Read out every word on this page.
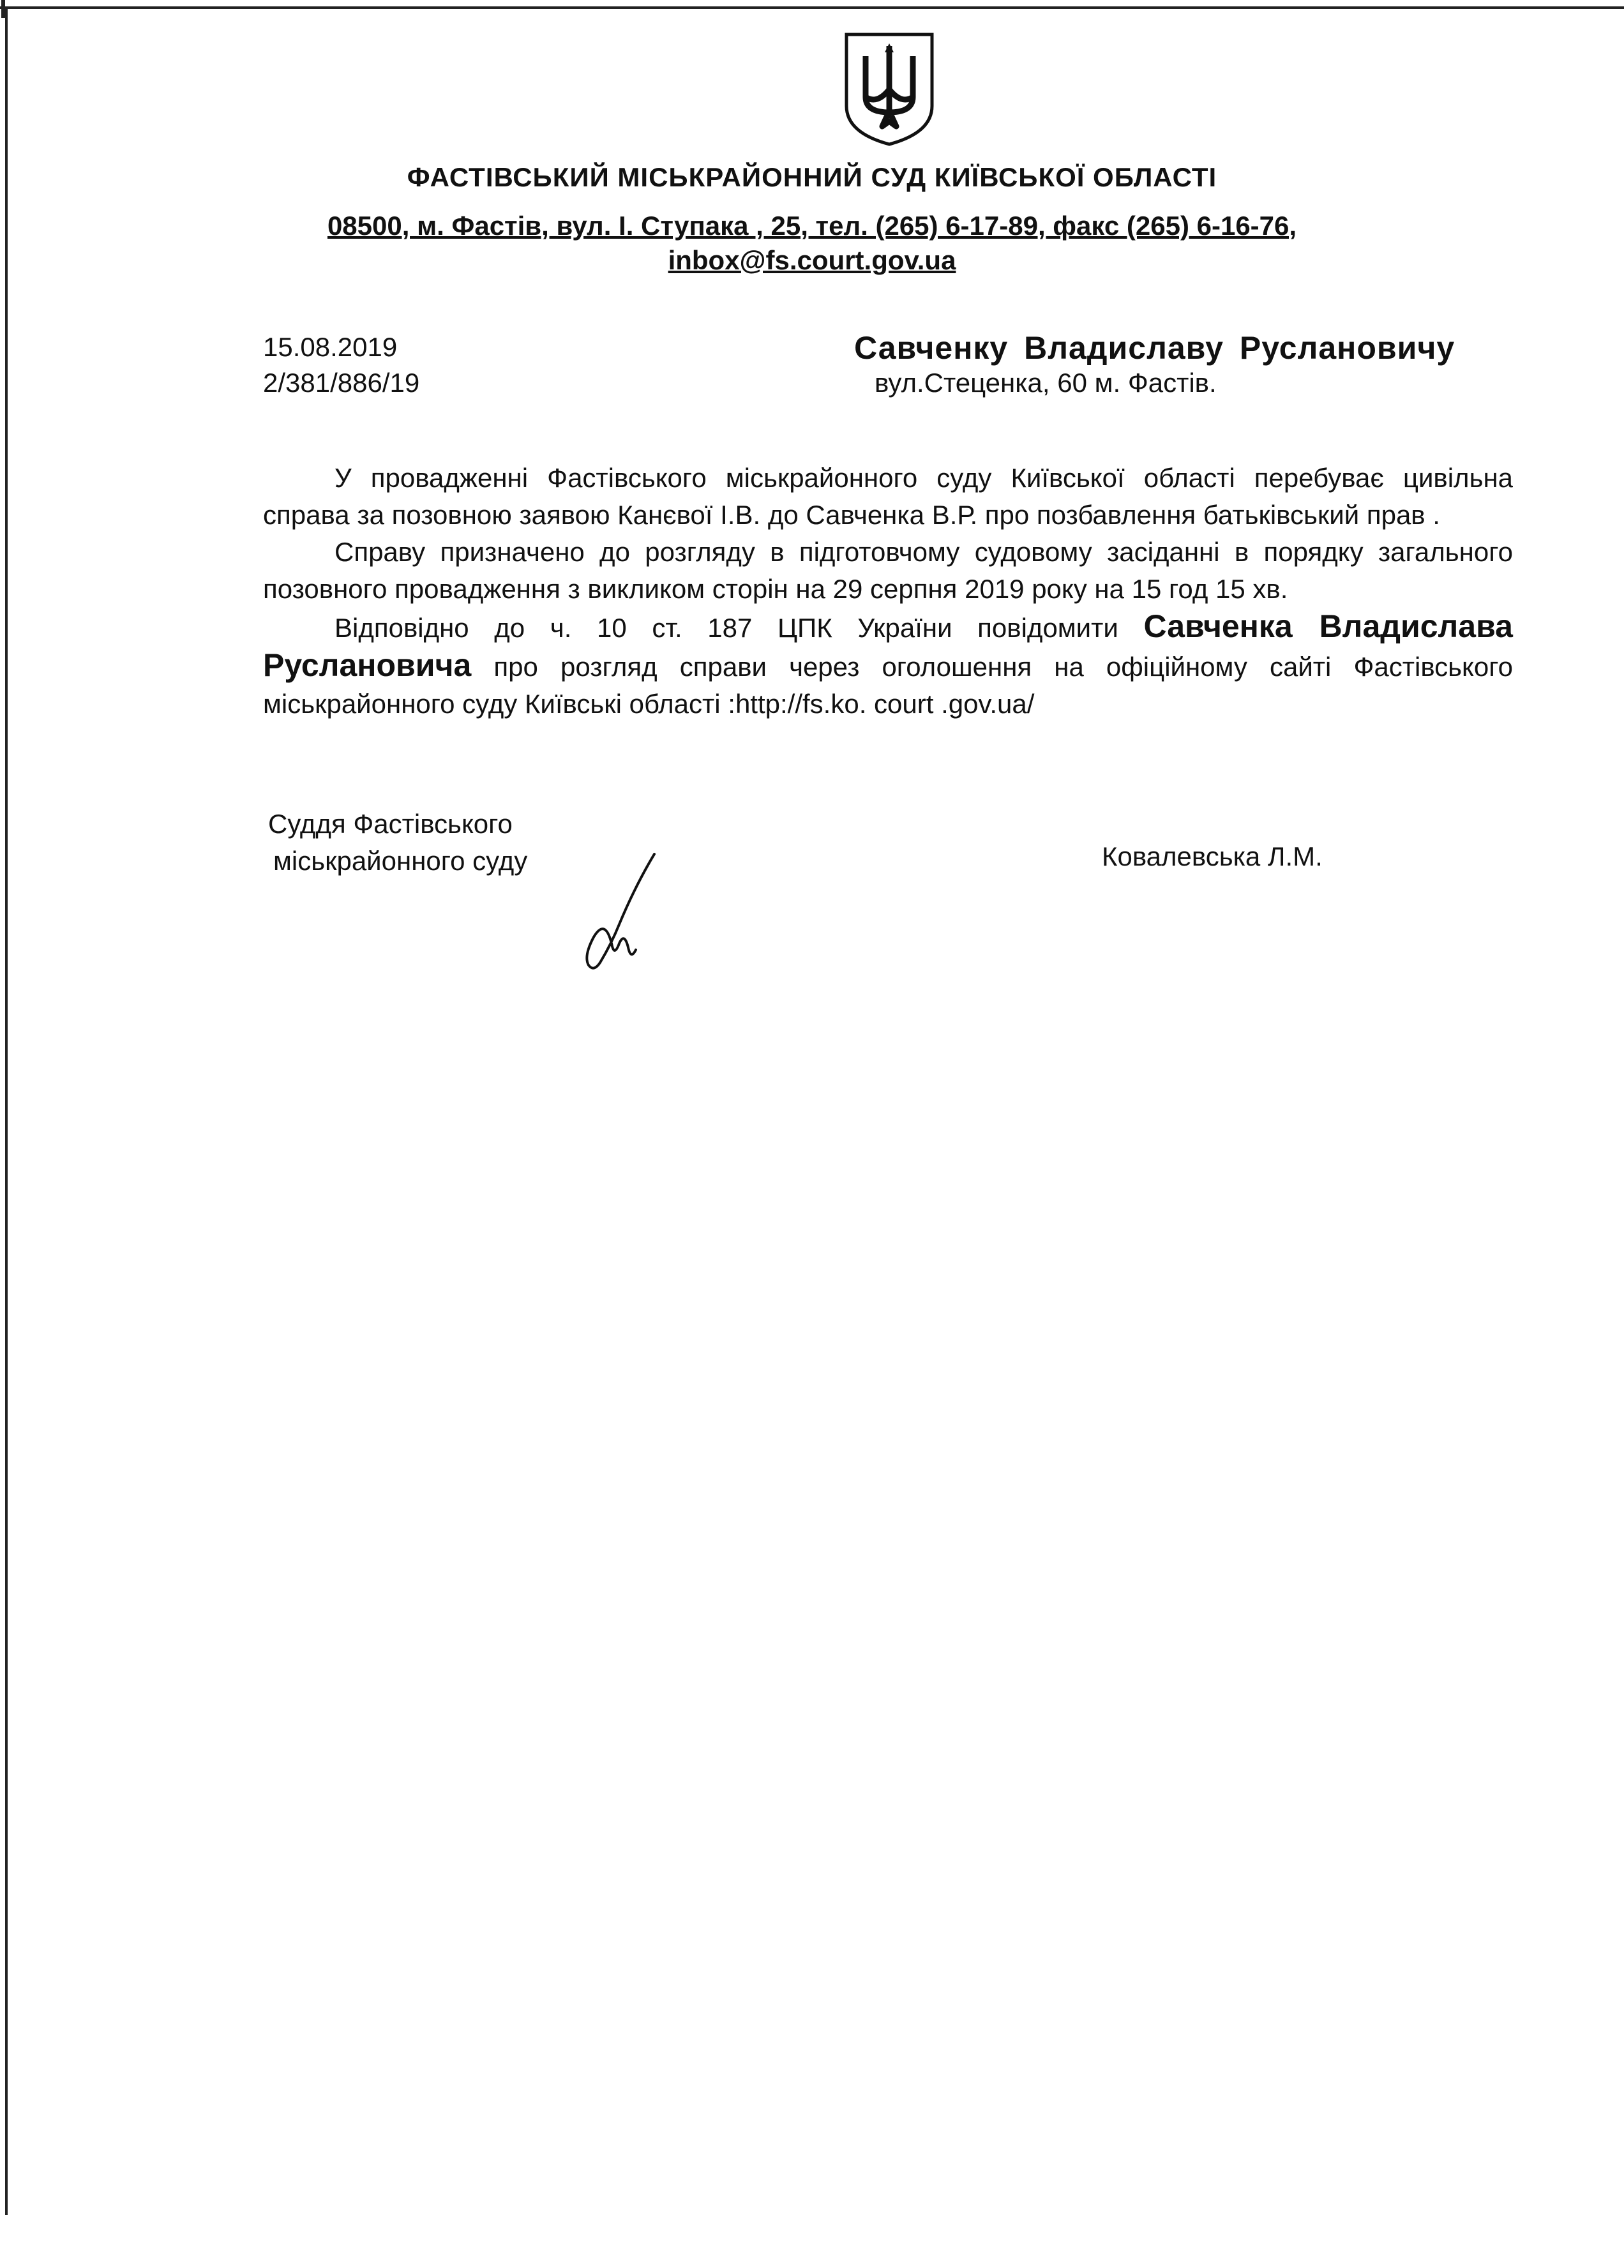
ФАСТІВСЬКИЙ МІСЬКРАЙОННИЙ СУД КИЇВСЬКОЇ ОБЛАСТІ
08500, м. Фастів, вул. І. Ступака , 25, тел. (265) 6-17-89, факс (265) 6-16-76,
inbox@fs.court.gov.ua
15.08.2019
2/381/886/19
Савченку Владиславу Руслановичу
вул.Стеценка, 60 м. Фастів.

У провадженні Фастівського міськрайонного суду Київської області перебуває цивільна справа за позовною заявою Канєвої І.В. до Савченка В.Р. про позбавлення батьківський прав .

Справу призначено до розгляду в підготовчому судовому засіданні в порядку загального позовного провадження з викликом сторін на 29 серпня 2019 року на 15 год 15 хв.

Відповідно до ч. 10 ст. 187 ЦПК України повідомити Савченка Владислава Руслановича про розгляд справи через оголошення на офіційному сайті Фастівського міськрайонного суду Київські області :http://fs.ko. court .gov.ua/

Суддя Фастівського
міськрайонного суду	Ковалевська Л.М.
